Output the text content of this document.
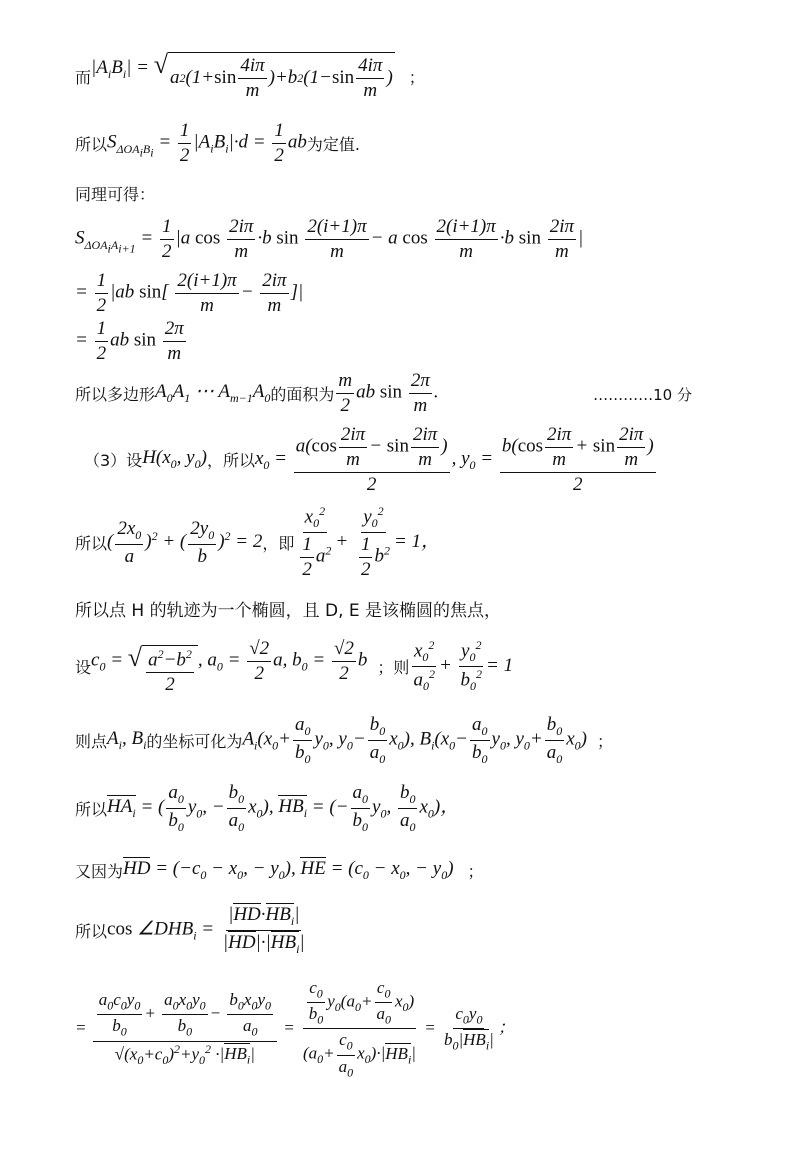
而 $|A_iB_i|$ = √ a 2 $(1+ \sin \frac{4i\pi}{m} )+b$ 2 ($1- \sin \frac{4i\pi}{m}$ ) ；
所以 $S_{\Delta OA_iB_i} = \frac{1}{2} |A_iB_i|\cdot d = \frac{1}{2}$ ab 为定值.
同理可得：
$S_{\Delta OA_iA_{i+1}} = \frac{1}{2} |a$ $\cos \frac{2i\pi}{m} \cdot b$ $\sin \frac{2(i+1)\pi}{m} - a$ $\cos \frac{2(i+1)\pi}{m} \cdot b$ $\sin \frac{2i\pi}{m}$ |
= $\frac{1}{2} |ab$ $\sin[ \frac{2(i+1)\pi}{m} - \frac{2i\pi}{m}$ ]|
= $\frac{1}{2}$ ab $\sin \frac{2\pi}{m}$
所以多边形 $A_0A_1$ ⋯ $A_{m-1}A_0$ 的面积为 $\frac{m}{2}$ ab $\sin \frac{2\pi}{m}$ .	…………10 分
（3）设 $H(x_0$, $y_0$) ，所以 $x_0 = \frac{a(\cos \frac{2i\pi}{m} - \sin \frac{2i\pi}{m} )}{2}$ , $y_0 = \frac{b(\cos \frac{2i\pi}{m} + \sin \frac{2i\pi}{m} )}{2}$
所以 ( $\frac{2x_0}{a} )^2$ + ( $\frac{2y_0}{b} )^2 = 2$ ，即 $\frac{x_0^2}{\frac{1}{2} a^2} + \frac{y_0^2}{\frac{1}{2} b^2} = 1$，
所以点 H 的轨迹为一个椭圆，且 D, E 是该椭圆的焦点，
设 $c_0$ = √ $\frac{a^2-b^2}{2}$ , $a_0 = \frac{√2}{2} a$, $b_0 = \frac{√2}{2}$ b ；则 $\frac{x_0^2}{a_0^2} + \frac{y_0^2}{b_0^2} = 1$
则点 $A_i$, $B_i$ 的坐标可化为 $A_i(x_0+ \frac{a_0}{b_0} y_0$, $y_0- \frac{b_0}{a_0} x_0$), $B_i(x_0- \frac{a_0}{b_0} y_0$, $y_0+ \frac{b_0}{a_0} x_0$) ；
所以 $HA_i$ = ( $\frac{a_0}{b_0} y_0$, − $\frac{b_0}{a_0} x_0$), $HB_i$ = (− $\frac{a_0}{b_0} y_0$, $\frac{b_0}{a_0} x_0$)，
又因为 HD = ($-c_0 - x_0$, − $y_0$), HE = ($c_0 - x_0$, − $y_0$) ；
所以 $\cos \angle DHB_i = \frac{|HD\cdot HB_i|}{|HD|\cdot|HB_i|}$
= $\frac{\frac{a_0c_0y_0}{b_0} + \frac{a_0x_0y_0}{b_0} - \frac{b_0x_0y_0}{a_0}}{√(x_0+c_0)^2+y_0^2 \cdot|HB_i|} = \frac{\frac{c_0}{b_0} y_0(a_0+ \frac{c_0}{a_0} x_0)}{(a_0+ \frac{c_0}{a_0} x_0)\cdot|HB_i|} = \frac{c_0y_0}{b_0|HB_i|}$ ；
